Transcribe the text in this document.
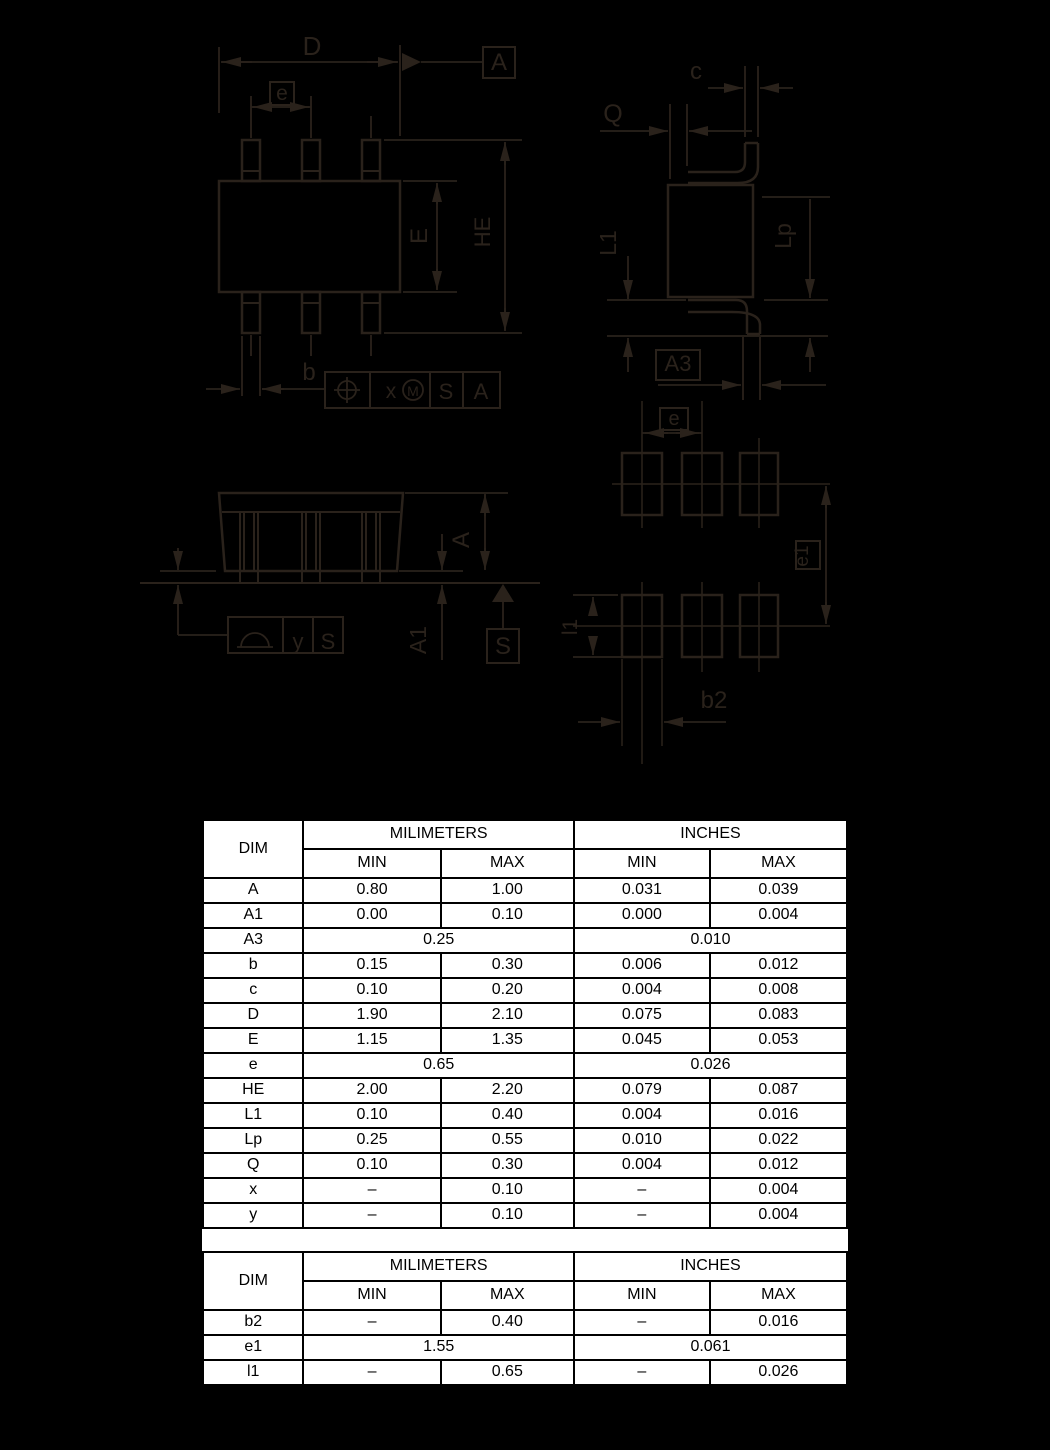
D
A
e
E HE
b
x M S A
Q
c
L1	Lp
A3
A
A1
y S	S
e
e1
l1
b2
DIM	MILIMETERS		INCHES	
	MIN	MAX	MIN	MAX
A	0.80	1.00	0.031	0.039
A1	0.00	0.10	0.000	0.004
A3	0.25		0.010	
b	0.15	0.30	0.006	0.012
c	0.10	0.20	0.004	0.008
D	1.90	2.10	0.075	0.083
E	1.15	1.35	0.045	0.053
e	0.65		0.026	
HE	2.00	2.20	0.079	0.087
L1	0.10	0.40	0.004	0.016
Lp	0.25	0.55	0.010	0.022
Q	0.10	0.30	0.004	0.012
x	–	0.10	–	0.004
y	–	0.10	–	0.004
DIM	MILIMETERS		INCHES	
	MIN	MAX	MIN	MAX
b2	–	0.40	–	0.016
e1	1.55		0.061	
l1	–	0.65	–	0.026
